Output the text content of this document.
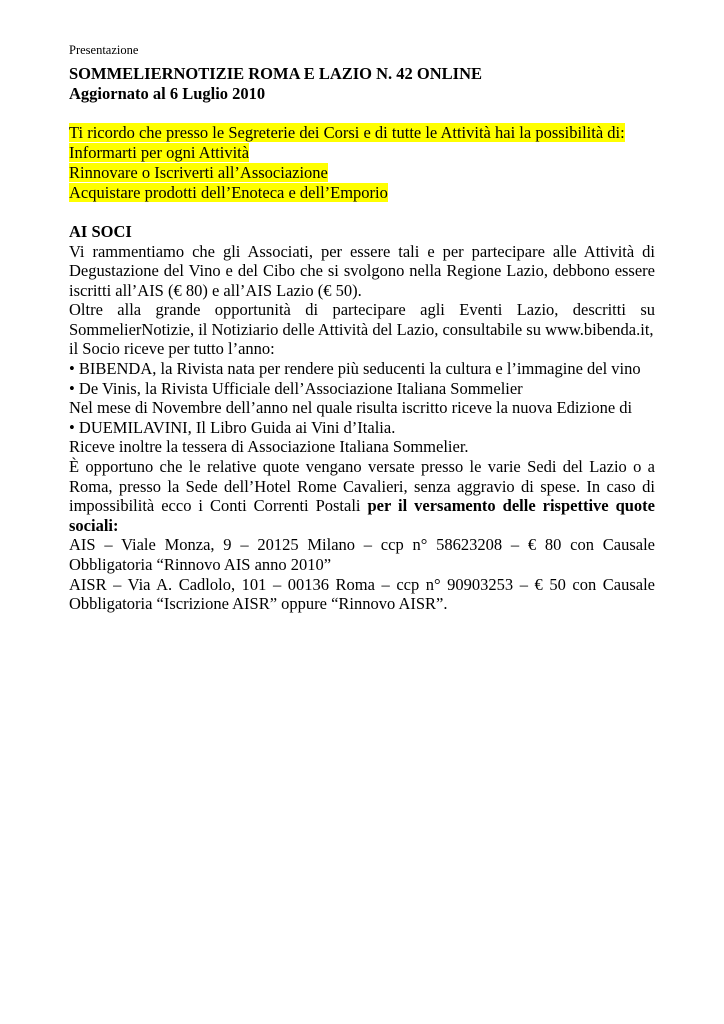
Presentazione

SOMMELIERNOTIZIE ROMA E LAZIO N. 42 ONLINE

Aggiornato al 6 Luglio 2010

Ti ricordo che presso le Segreterie dei Corsi e di tutte le Attività hai la possibilità di:

Informarti per ogni Attività

Rinnovare o Iscriverti all’Associazione

Acquistare prodotti dell’Enoteca e dell’Emporio

AI SOCI

Vi rammentiamo che gli Associati, per essere tali e per partecipare alle Attività di Degustazione del Vino e del Cibo che si svolgono nella Regione Lazio, debbono essere iscritti all’AIS (€ 80) e all’AIS Lazio (€ 50).

Oltre alla grande opportunità di partecipare agli Eventi Lazio, descritti su SommelierNotizie, il Notiziario delle Attività del Lazio, consultabile su www.bibenda.it,

il Socio riceve per tutto l’anno:

• BIBENDA, la Rivista nata per rendere più seducenti la cultura e l’immagine del vino

• De Vinis, la Rivista Ufficiale dell’Associazione Italiana Sommelier

Nel mese di Novembre dell’anno nel quale risulta iscritto riceve la nuova Edizione di

• DUEMILAVINI, Il Libro Guida ai Vini d’Italia.

Riceve inoltre la tessera di Associazione Italiana Sommelier.

È opportuno che le relative quote vengano versate presso le varie Sedi del Lazio o a Roma, presso la Sede dell’Hotel Rome Cavalieri, senza aggravio di spese. In caso di impossibilità ecco i Conti Correnti Postali per il versamento delle rispettive quote sociali:

AIS – Viale Monza, 9 – 20125 Milano – ccp n° 58623208 – € 80 con Causale Obbligatoria “Rinnovo AIS anno 2010”

AISR – Via A. Cadlolo, 101 – 00136 Roma – ccp n° 90903253 – € 50 con Causale Obbligatoria “Iscrizione AISR” oppure “Rinnovo AISR”.
